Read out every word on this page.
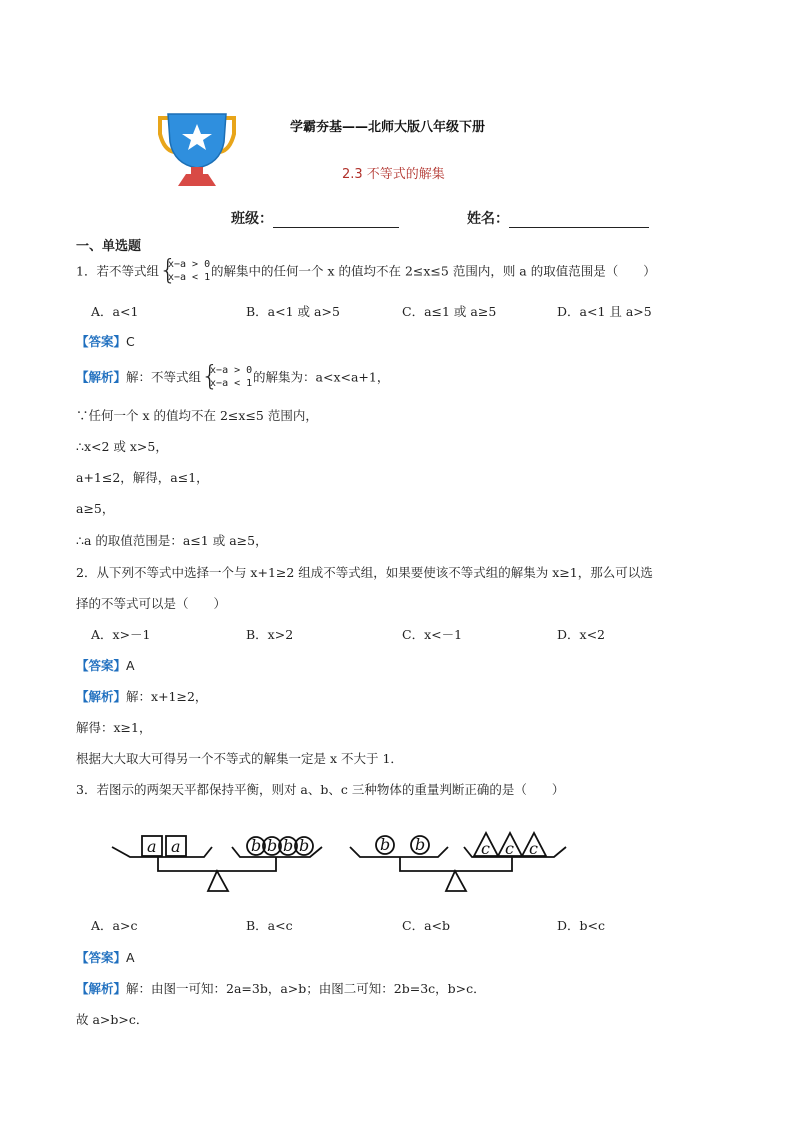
学霸夯基——北师大版八年级下册
2.3 不等式的解集
班级：	姓名：
一、单选题
1．若不等式组 {
x−a > 0
x−a < 1 的解集中的任何一个 x 的值均不在 2≤x≤5 范围内，则 a 的取值范围是（　　）
A．a<1	B．a<1 或 a>5	C．a≤1 或 a≥5	D．a<1 且 a>5
【答案】C
【解析】解：不等式组 {
x−a > 0
x−a < 1 的解集为：a<x<a+1，
∵任何一个 x 的值均不在 2≤x≤5 范围内，
∴x<2 或 x>5，
a+1≤2，解得，a≤1，
a≥5，
∴a 的取值范围是：a≤1 或 a≥5，
2．从下列不等式中选择一个与 x+1≥2 组成不等式组，如果要使该不等式组的解集为 x≥1，那么可以选
择的不等式可以是（　　）
A．x>－1	B．x>2	C．x<－1	D．x<2
【答案】A
【解析】解：x+1≥2，
解得：x≥1，
根据大大取大可得另一个不等式的解集一定是 x 不大于 1．
3．若图示的两架天平都保持平衡，则对 a、b、c 三种物体的重量判断正确的是（　　）
a a	b b b b	b b	c c c
A．a>c	B．a<c	C．a<b	D．b<c
【答案】A
【解析】解：由图一可知：2a=3b，a>b；由图二可知：2b=3c，b>c．
故 a>b>c．
